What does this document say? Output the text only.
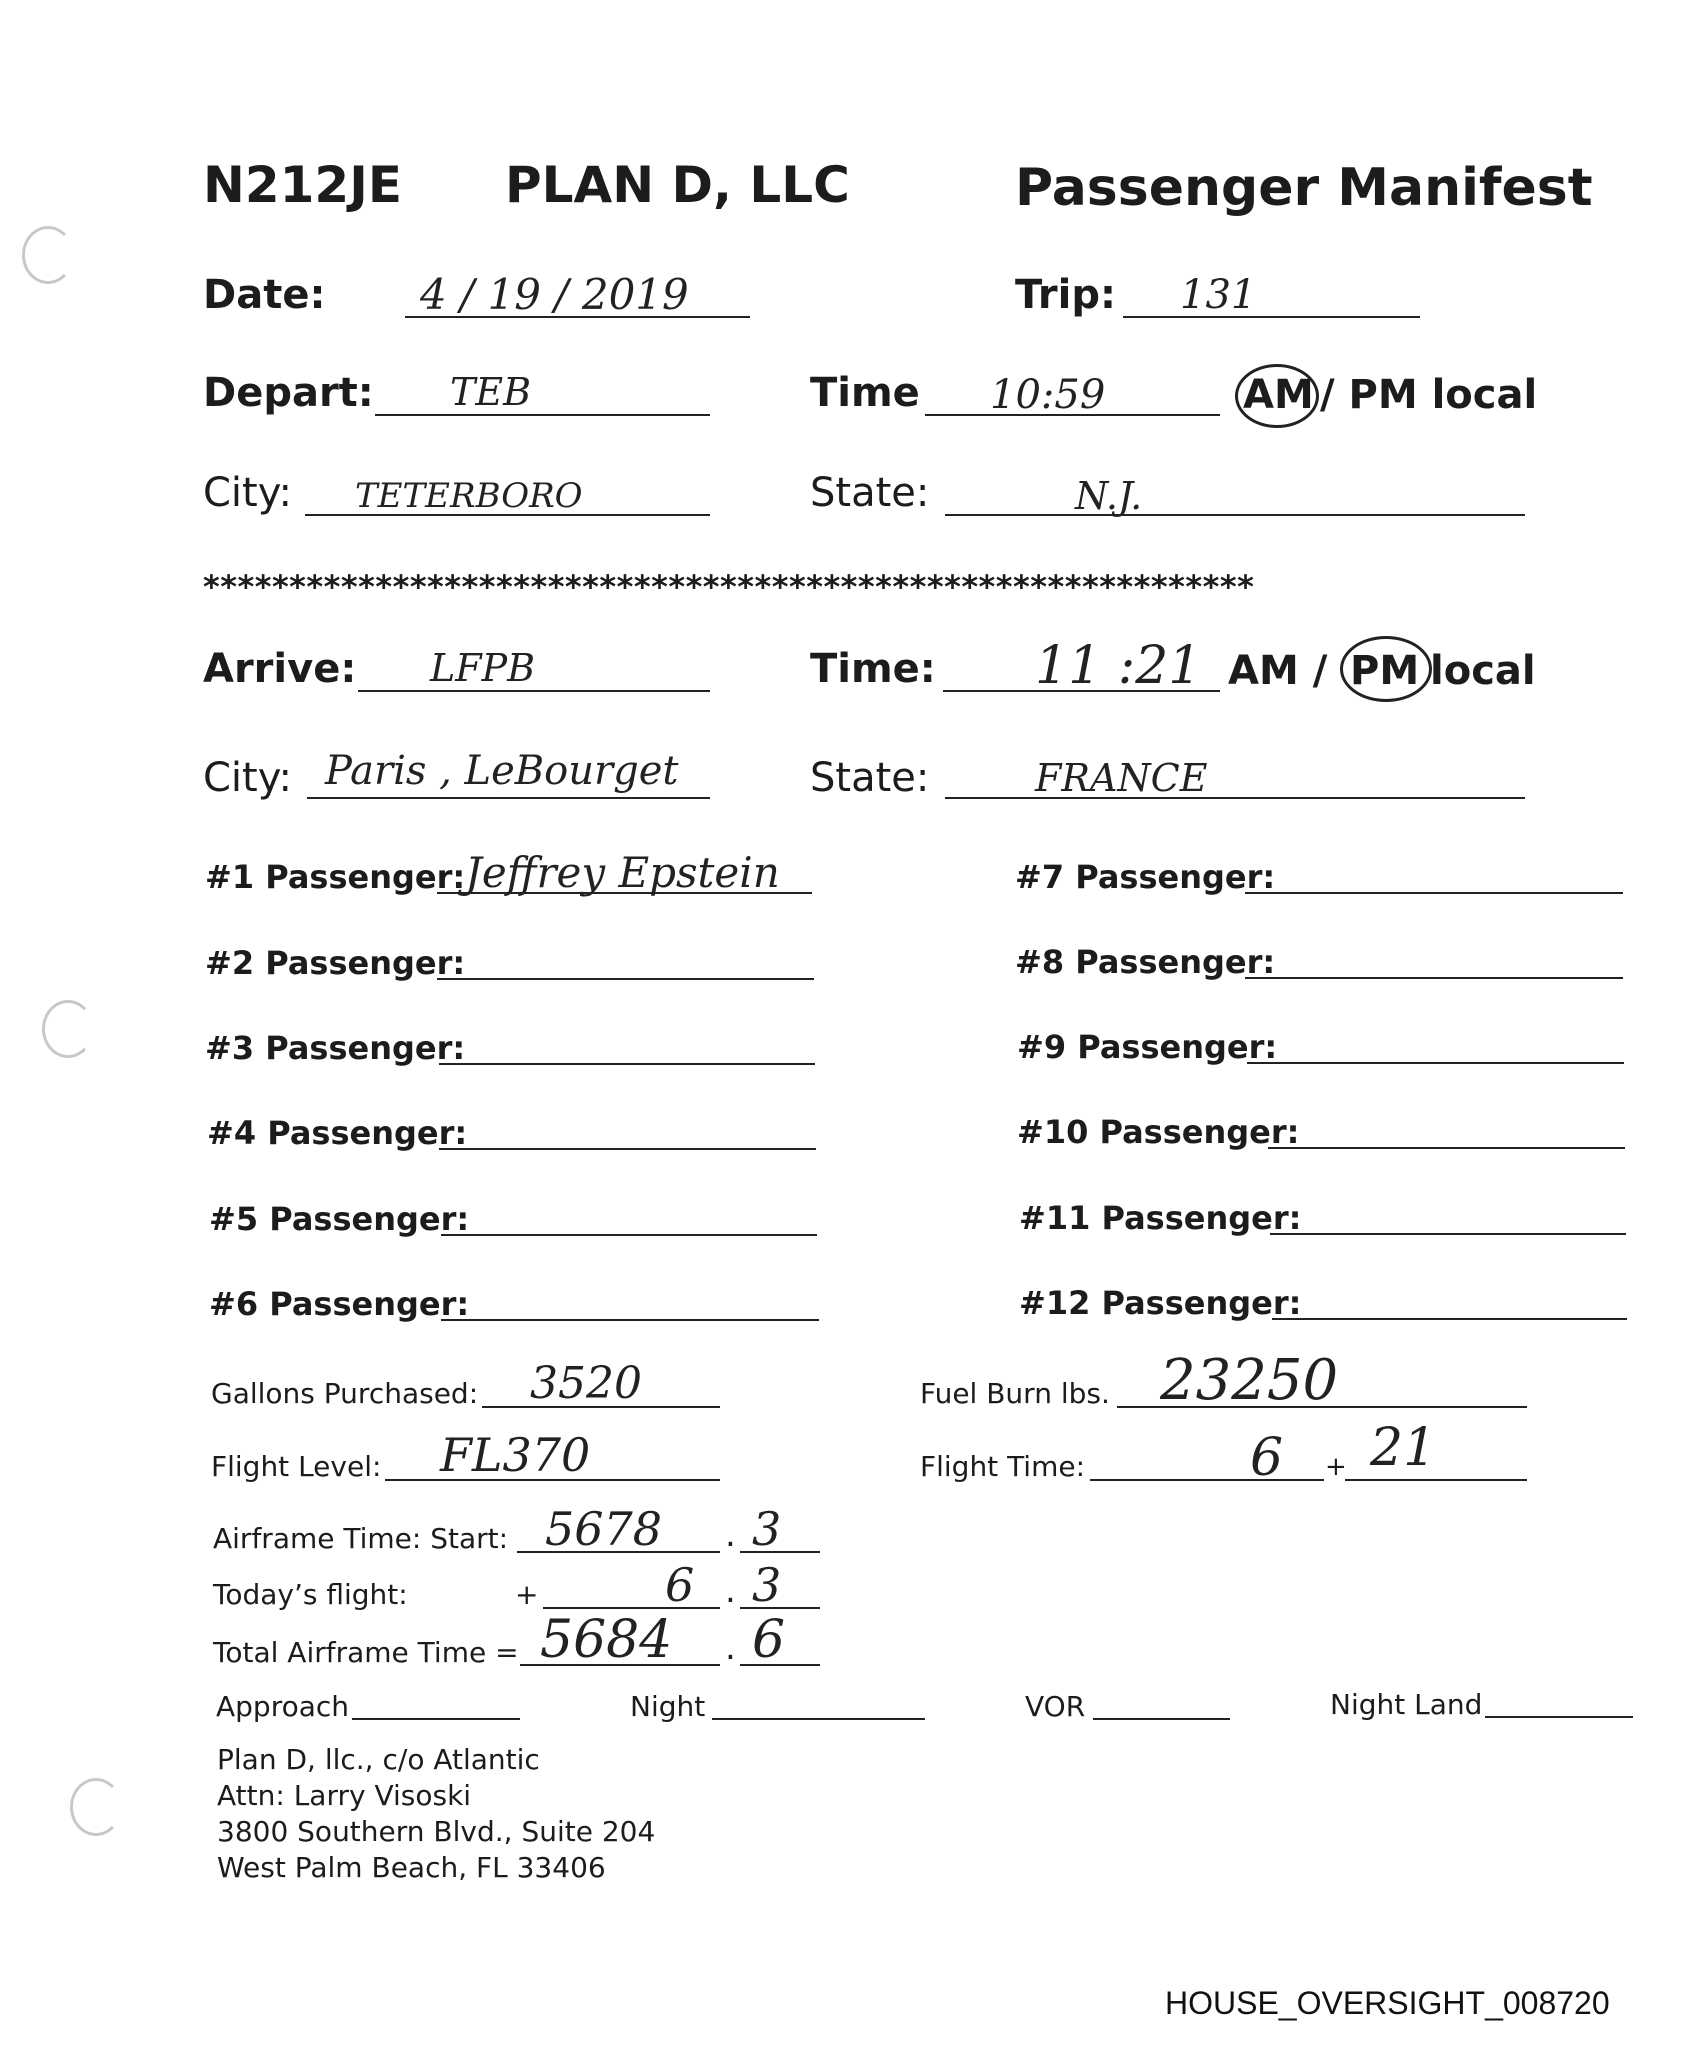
N212JE PLAN D, LLC	Passenger Manifest
Date: 4 / 19 / 2019	Trip: 131
Depart: TEB	Time 10:59	AM / PM local
City: TETERBORO	State:	N.J.
*************************************************************
Arrive: LFPB	Time: 11 :21 AM / PM local
City: Paris , LeBourget	State:	FRANCE
#1 Passenger: Jeffrey Epstein
#2 Passenger:
#3 Passenger:
#4 Passenger:
#5 Passenger:
#6 Passenger:
#7 Passenger:
#8 Passenger:
#9 Passenger:
#10 Passenger:
#11 Passenger:
#12 Passenger:
Gallons Purchased: 3520	Fuel Burn lbs. 23250
Flight Level: FL370	Flight Time:	6 + 21
Airframe Time: Start: 5678 . 3
Today’s flight:	+	6 . 3
Total Airframe Time = 5684 . 6
Approach	Night	VOR	Night Land
Plan D, llc., c/o Atlantic
Attn: Larry Visoski
3800 Southern Blvd., Suite 204
West Palm Beach, FL 33406
HOUSE_OVERSIGHT_008720
